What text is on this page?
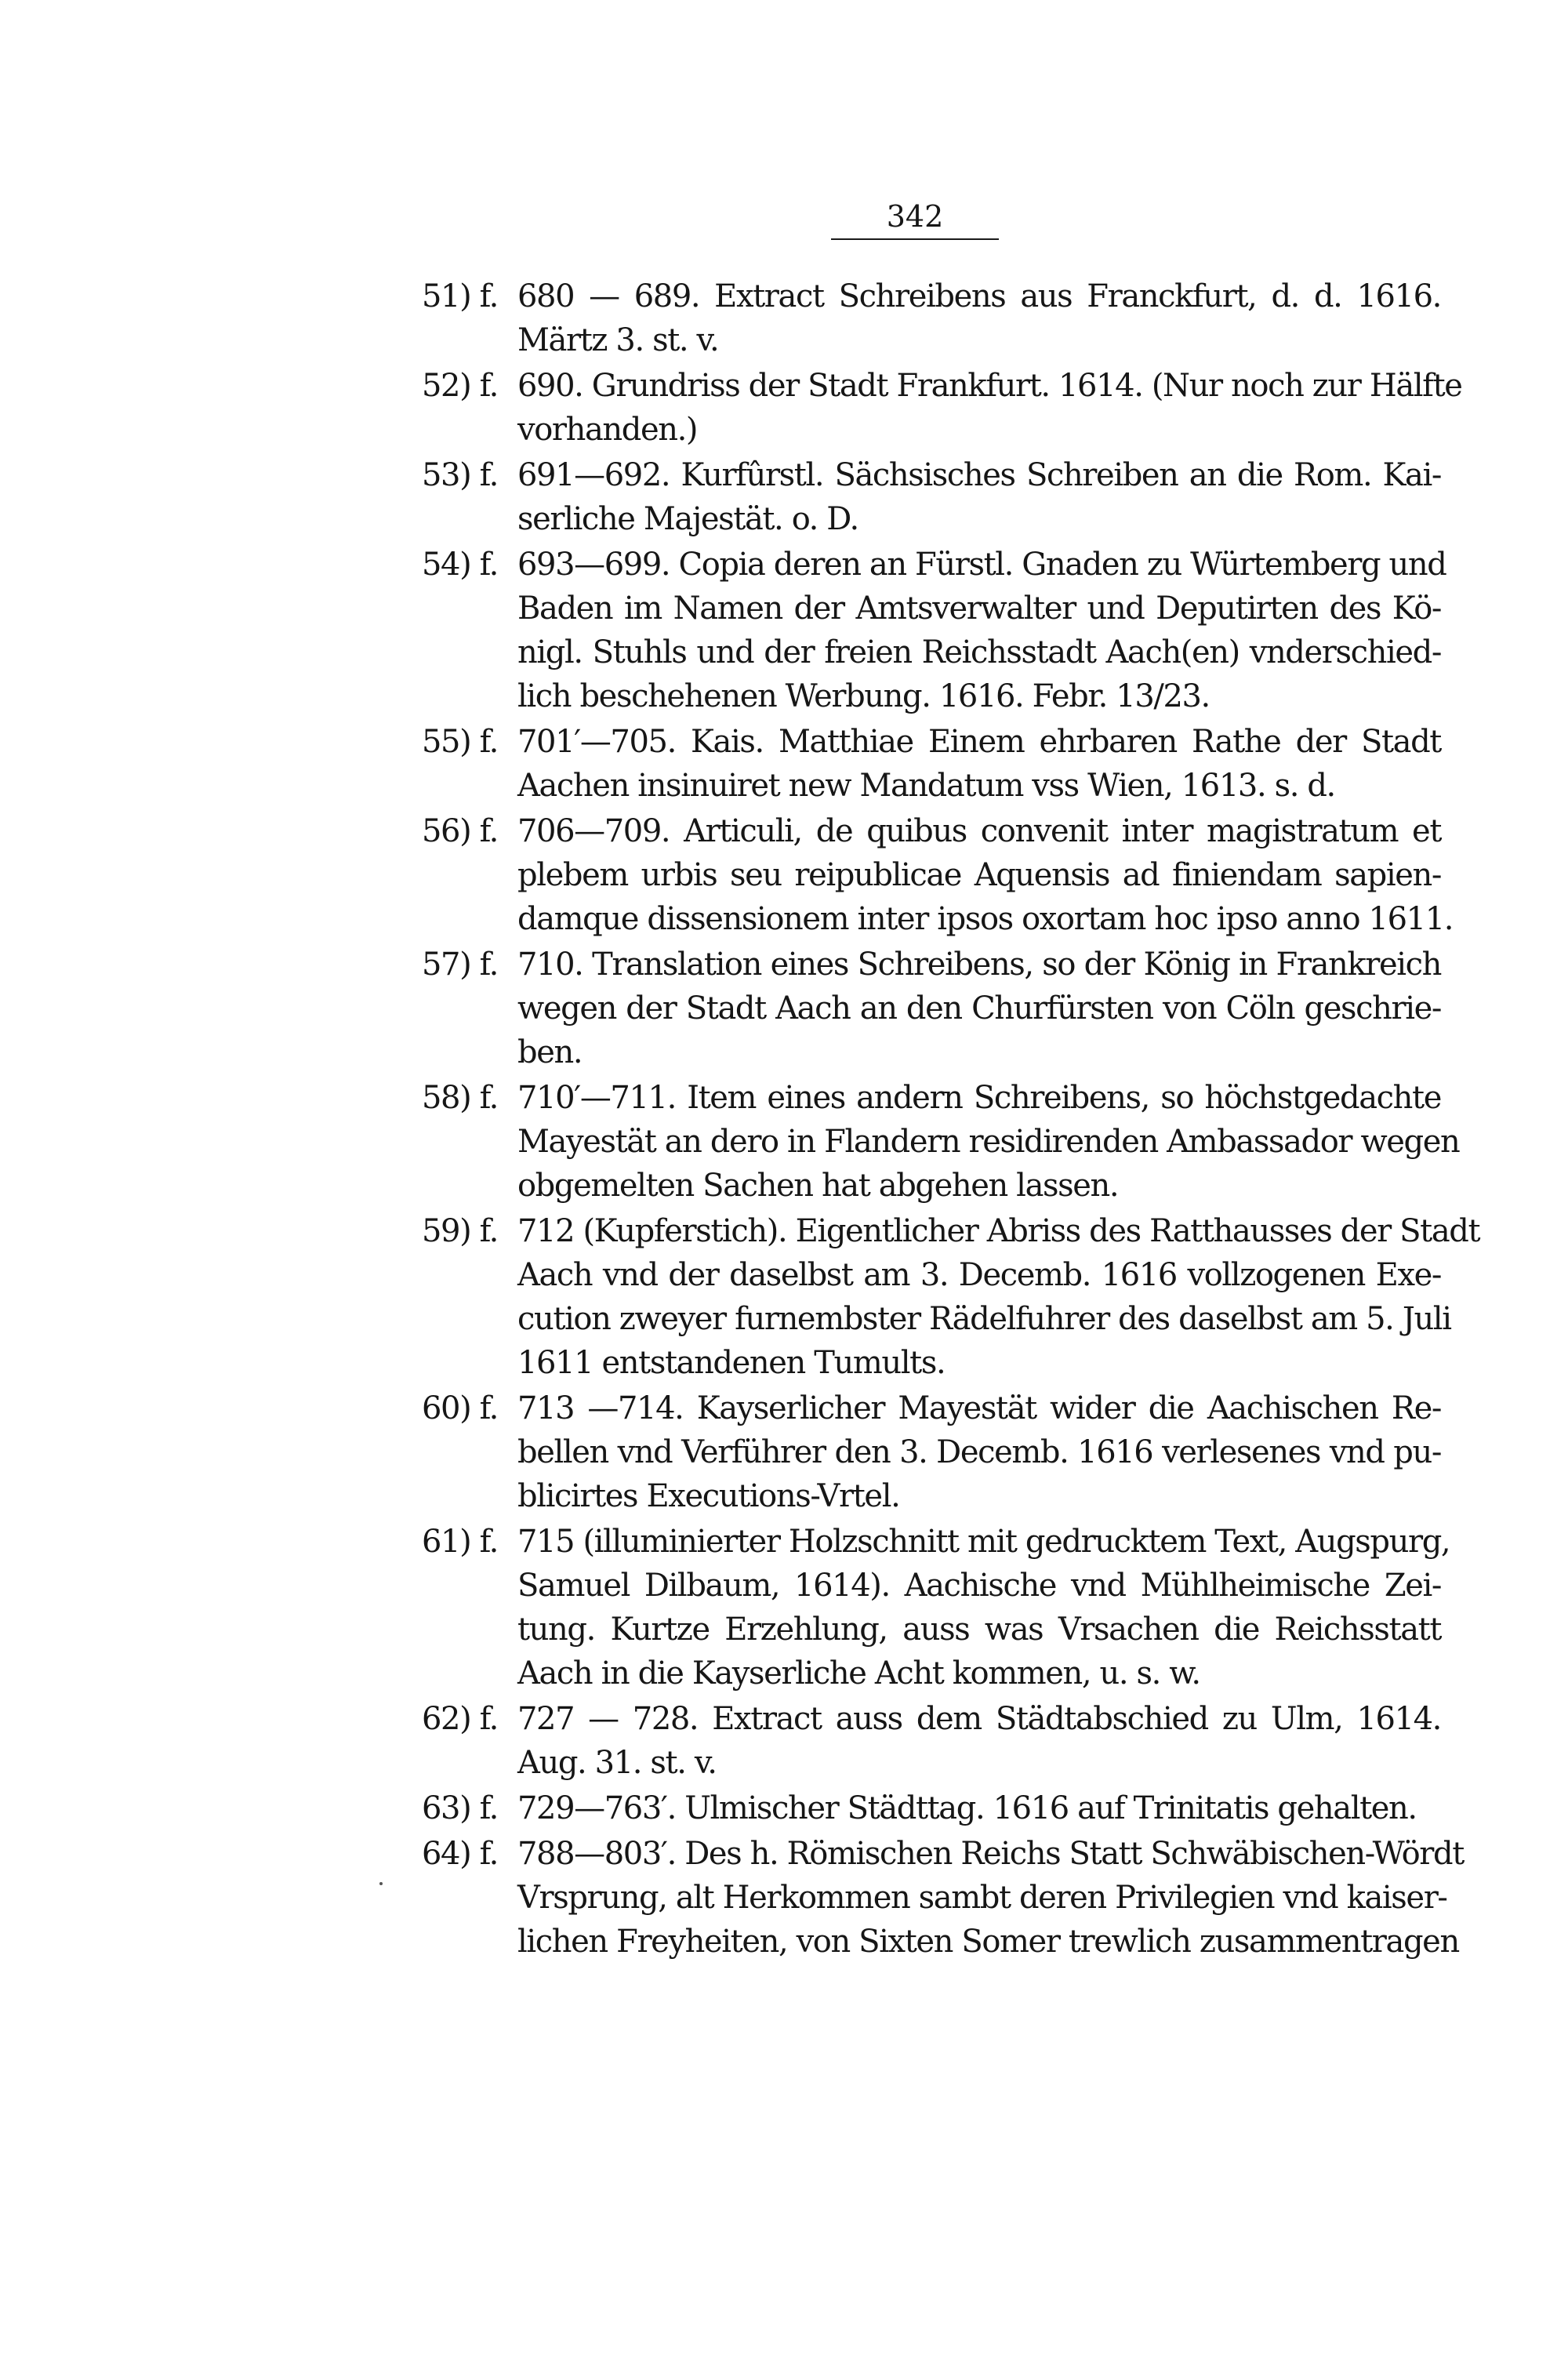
342
51) f. 680 — 689. Extract Schreibens aus Franckfurt, d. d. 1616.
Märtz 3. st. v.
52) f. 690. Grundriss der Stadt Frankfurt. 1614. (Nur noch zur Hälfte
vorhanden.)
53) f. 691—692. Kurfûrstl. Sächsisches Schreiben an die Rom. Kai-
serliche Majestät. o. D.
54) f. 693—699. Copia deren an Fürstl. Gnaden zu Würtemberg und
Baden im Namen der Amtsverwalter und Deputirten des Kö-
nigl. Stuhls und der freien Reichsstadt Aach(en) vnderschied-
lich beschehenen Werbung. 1616. Febr. 13/23.
55) f. 701′—705. Kais. Matthiae Einem ehrbaren Rathe der Stadt
Aachen insinuiret new Mandatum vss Wien, 1613. s. d.
56) f. 706—709. Articuli, de quibus convenit inter magistratum et
plebem urbis seu reipublicae Aquensis ad finiendam sapien-
damque dissensionem inter ipsos oxortam hoc ipso anno 1611.
57) f. 710. Translation eines Schreibens, so der König in Frankreich
wegen der Stadt Aach an den Churfürsten von Cöln geschrie-
ben.
58) f. 710′—711. Item eines andern Schreibens, so höchstgedachte
Mayestät an dero in Flandern residirenden Ambassador wegen
obgemelten Sachen hat abgehen lassen.
59) f. 712 (Kupferstich). Eigentlicher Abriss des Ratthausses der Stadt
Aach vnd der daselbst am 3. Decemb. 1616 vollzogenen Exe-
cution zweyer furnembster Rädelfuhrer des daselbst am 5. Juli
1611 entstandenen Tumults.
60) f. 713 —714. Kayserlicher Mayestät wider die Aachischen Re-
bellen vnd Verführer den 3. Decemb. 1616 verlesenes vnd pu-
blicirtes Executions-Vrtel.
61) f. 715 (illuminierter Holzschnitt mit gedrucktem Text, Augspurg,
Samuel Dilbaum, 1614). Aachische vnd Mühlheimische Zei-
tung. Kurtze Erzehlung, auss was Vrsachen die Reichsstatt
Aach in die Kayserliche Acht kommen, u. s. w.
62) f. 727 — 728. Extract auss dem Städtabschied zu Ulm, 1614.
Aug. 31. st. v.
63) f. 729—763′. Ulmischer Städttag. 1616 auf Trinitatis gehalten.
64) f. 788—803′. Des h. Römischen Reichs Statt Schwäbischen-Wördt
Vrsprung, alt Herkommen sambt deren Privilegien vnd kaiser-
lichen Freyheiten, von Sixten Somer trewlich zusammentragen
